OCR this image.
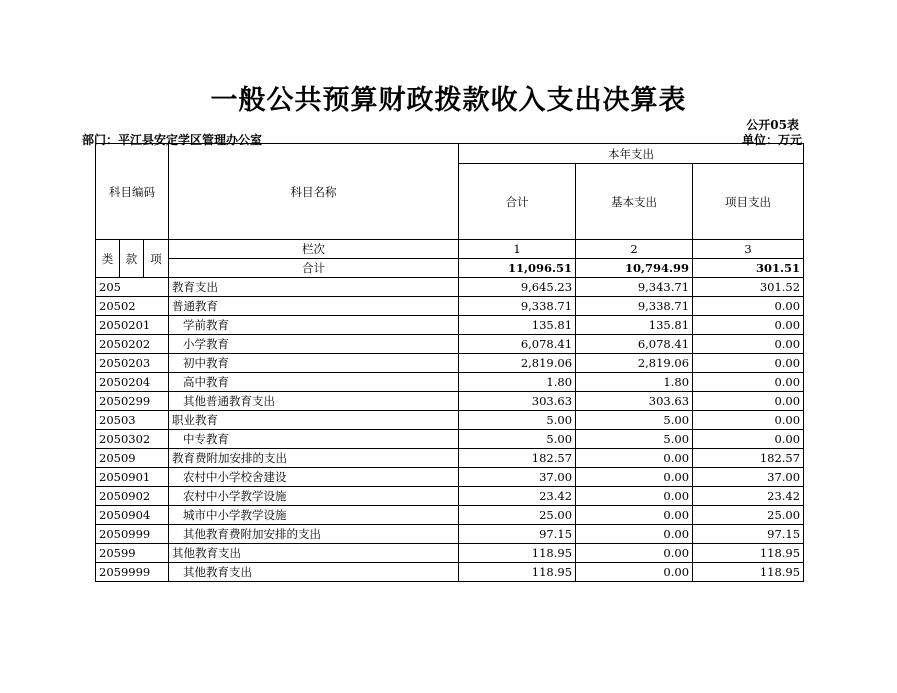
一般公共预算财政拨款收入支出决算表
公开05表
部门：平江县安定学区管理办公室	单位：万元
科目编码			科目名称	本年支出		
				合计	基本支出	项目支出
类	款	项	栏次	1	2	3
			合计	11,096.51	10,794.99	301.51
205			教育支出	9,645.23	9,343.71	301.52
20502			普通教育	9,338.71	9,338.71	0.00
2050201			学前教育	135.81	135.81	0.00
2050202			小学教育	6,078.41	6,078.41	0.00
2050203			初中教育	2,819.06	2,819.06	0.00
2050204			高中教育	1.80	1.80	0.00
2050299			其他普通教育支出	303.63	303.63	0.00
20503			职业教育	5.00	5.00	0.00
2050302			中专教育	5.00	5.00	0.00
20509			教育费附加安排的支出	182.57	0.00	182.57
2050901			农村中小学校舍建设	37.00	0.00	37.00
2050902			农村中小学教学设施	23.42	0.00	23.42
2050904			城市中小学教学设施	25.00	0.00	25.00
2050999			其他教育费附加安排的支出	97.15	0.00	97.15
20599			其他教育支出	118.95	0.00	118.95
2059999			其他教育支出	118.95	0.00	118.95
